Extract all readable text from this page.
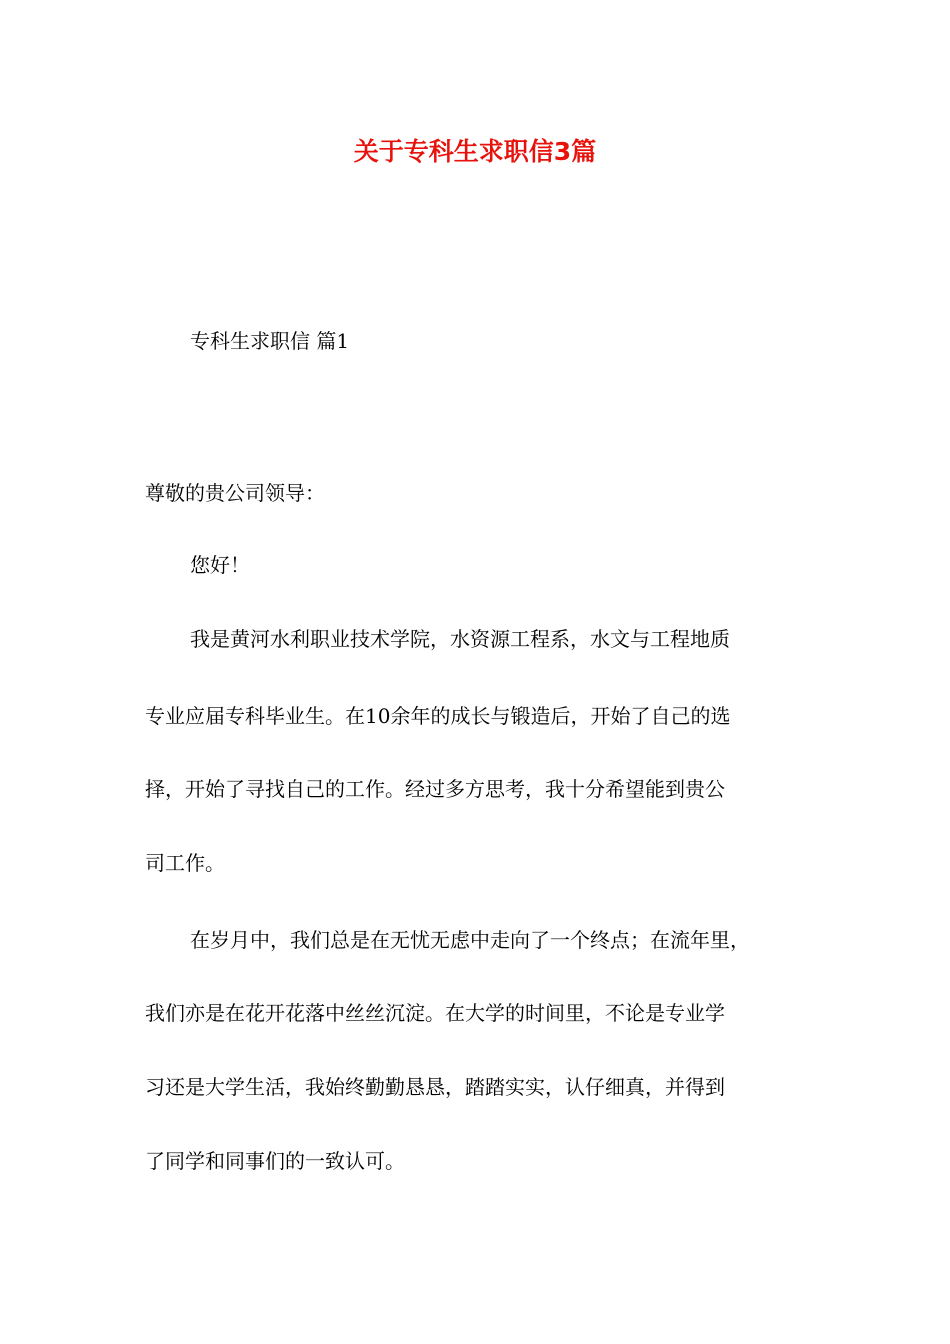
关于专科生求职信3篇
专科生求职信 篇1
尊敬的贵公司领导：
您好！
我是黄河水利职业技术学院，水资源工程系，水文与工程地质
专业应届专科毕业生。在10余年的成长与锻造后，开始了自己的选
择，开始了寻找自己的工作。经过多方思考，我十分希望能到贵公
司工作。
在岁月中，我们总是在无忧无虑中走向了一个终点；在流年里，
我们亦是在花开花落中丝丝沉淀。在大学的时间里，不论是专业学
习还是大学生活，我始终勤勤恳恳，踏踏实实，认仔细真，并得到
了同学和同事们的一致认可。
